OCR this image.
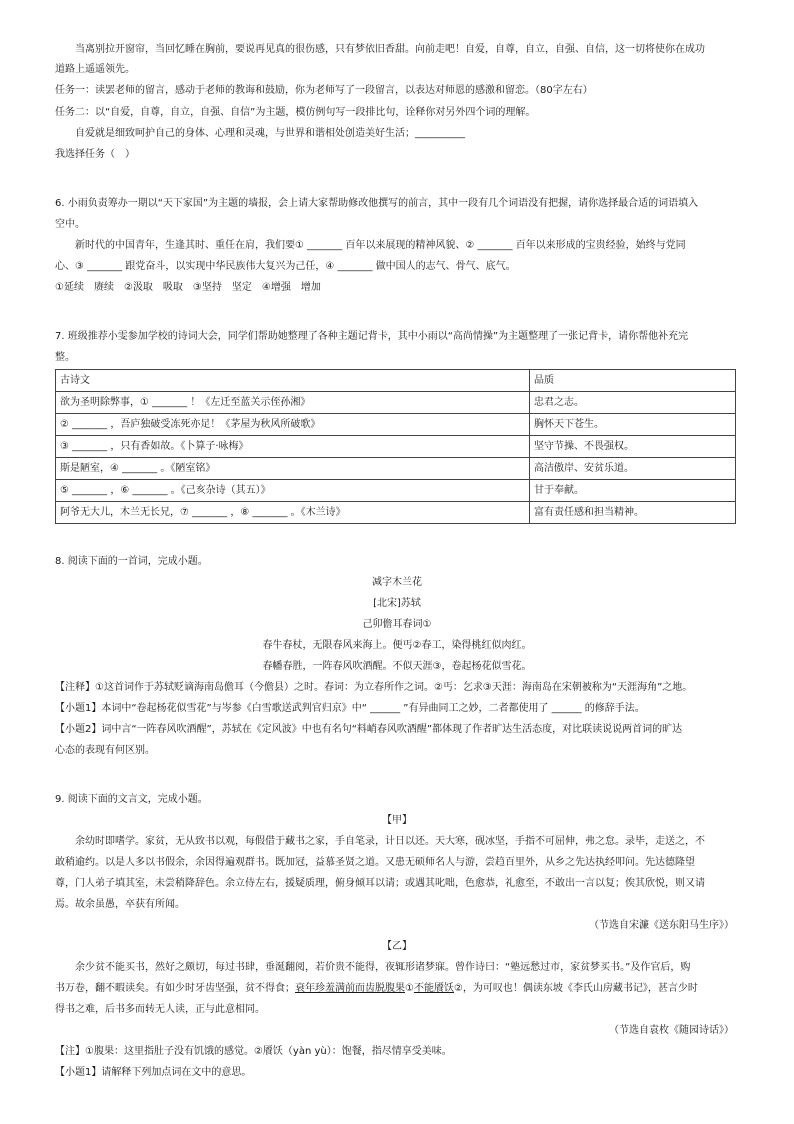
当离别拉开窗帘，当回忆睡在胸前，要说再见真的很伤感，只有梦依旧香甜。向前走吧！自爱，自尊，自立，自强、自信，这一切将使你在成功

道路上遥遥领先。

任务一：读罢老师的留言，感动于老师的教诲和鼓励，你为老师写了一段留言，以表达对师恩的感激和留恋。（80字左右）

任务二：以“自爱，自尊，自立，自强、自信”为主题，模仿例句写一段排比句，诠释你对另外四个词的理解。

自爱就是细致呵护自己的身体、心理和灵魂，与世界和谐相处创造美好生活；__________

我选择任务（　）

6. 小雨负责筹办一期以“天下家国”为主题的墙报，会上请大家帮助修改他撰写的前言，其中一段有几个词语没有把握，请你选择最合适的词语填入

空中。

新时代的中国青年，生逢其时、重任在肩，我们要① _______ 百年以来展现的精神风貌、② _______ 百年以来形成的宝贵经验，始终与党同

心、③ _______ 跟党奋斗，以实现中华民族伟大复兴为己任，④ _______ 做中国人的志气、骨气、底气。

①延续　赓续　②汲取　吸取　③坚持　坚定　④增强　增加

7. 班级推荐小雯参加学校的诗词大会，同学们帮助她整理了各种主题记背卡，其中小雨以“高尚情操”为主题整理了一张记背卡，请你帮他补充完

整。

古诗文	品质
欲为圣明除弊事，① _______ ！《左迁至蓝关示侄孙湘》	忠君之志。
② _______ ，吾庐独破受冻死亦足！《茅屋为秋风所破歌》	胸怀天下苍生。
③ _______ ，只有香如故。《卜算子·咏梅》	坚守节操、不畏强权。
斯是陋室，④ _______ 。《陋室铭》	高洁傲岸、安贫乐道。
⑤ _______ ，⑥ _______ 。《己亥杂诗（其五）》	甘于奉献。
阿爷无大儿，木兰无长兄，⑦ _______ ，⑧ _______ 。《木兰诗》	富有责任感和担当精神。

8. 阅读下面的一首词，完成小题。

减字木兰花

[北宋]苏轼

己卯儋耳春词①

春牛春杖，无限春风来海上。便丐②春工，染得桃红似肉红。

春幡春胜，一阵春风吹酒醒。不似天涯③，卷起杨花似雪花。

【注释】①这首词作于苏轼贬谪海南岛儋耳（今儋县）之时。春词：为立春所作之词。②丐：乞求③天涯：海南岛在宋朝被称为“天涯海角”之地。

【小题1】本词中“卷起杨花似雪花”与岑参《白雪歌送武判官归京》中“ ______ ”有异曲同工之妙，二者都使用了 ______ 的修辞手法。

【小题2】词中言“一阵春风吹酒醒”，苏轼在《定风波》中也有名句“料峭春风吹酒醒”都体现了作者旷达生活态度，对比联读说说两首词的旷达

心态的表现有何区别。

9. 阅读下面的文言文，完成小题。

【甲】

余幼时即嗜学。家贫，无从致书以观，每假借于藏书之家，手自笔录，计日以还。天大寒，砚冰坚，手指不可屈伸，弗之怠。录毕，走送之，不

敢稍逾约。以是人多以书假余，余因得遍观群书。既加冠，益慕圣贤之道。又患无硕师名人与游，尝趋百里外，从乡之先达执经叩问。先达德隆望

尊，门人弟子填其室，未尝稍降辞色。余立侍左右，援疑质理，俯身倾耳以请；或遇其叱咄，色愈恭，礼愈至，不敢出一言以复；俟其欣悦，则又请

焉。故余虽愚，卒获有所闻。

（节选自宋濂《送东阳马生序》）

【乙】

余少贫不能买书，然好之颇切，每过书肆，垂涎翻阅，若价贵不能得，夜辄形诸梦寐。曾作诗曰：“塾远愁过市，家贫梦买书。”及作官后，购

书万卷，翻不暇读矣。有如少时牙齿坚强，贫不得食；衰年珍羞满前而齿脱腹果①不能餍饫②，为可叹也！偶读东坡《李氏山房藏书记》，甚言少时

得书之难，后书多而转无人读，正与此意相同。

（节选自袁枚《随园诗话》）

【注】①腹果：这里指肚子没有饥饿的感觉。②餍饫（yàn yù）：饱餐，指尽情享受美味。

【小题1】请解释下列加点词在文中的意思。
